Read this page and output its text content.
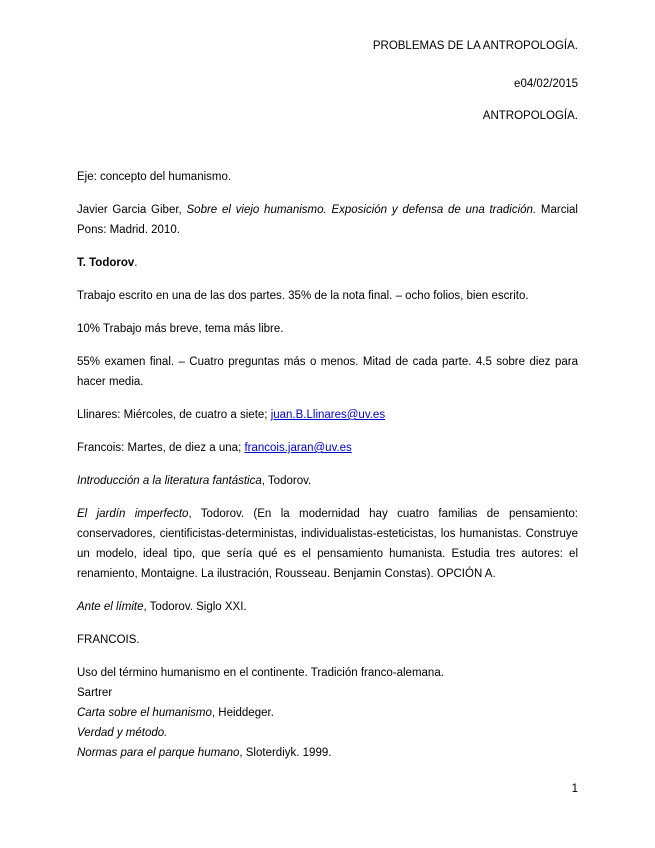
PROBLEMAS DE LA ANTROPOLOGÍA.
e04/02/2015
ANTROPOLOGÍA.

Eje: concepto del humanismo.

Javier Garcia Giber, Sobre el viejo humanismo. Exposición y defensa de una tradición. Marcial Pons: Madrid. 2010.

T. Todorov.

Trabajo escrito en una de las dos partes. 35% de la nota final. – ocho folios, bien escrito.

10% Trabajo más breve, tema más libre.

55% examen final. – Cuatro preguntas más o menos. Mitad de cada parte. 4.5 sobre diez para hacer media.

Llinares: Miércoles, de cuatro a siete; juan.B.Llinares@uv.es

Francois: Martes, de diez a una; francois.jaran@uv.es

Introducción a la literatura fantástica, Todorov.

El jardín imperfecto, Todorov. (En la modernidad hay cuatro familias de pensamiento: conservadores, cientificistas-deterministas, individualistas-esteticistas, los humanistas. Construye un modelo, ideal tipo, que sería qué es el pensamiento humanista. Estudia tres autores: el renamiento, Montaigne. La ilustración, Rousseau. Benjamin Constas). OPCIÓN A.

Ante el límite, Todorov. Siglo XXI.

FRANCOIS.

Uso del término humanismo en el continente. Tradición franco-alemana.

Sartrer

Carta sobre el humanismo, Heiddeger.

Verdad y método.

Normas para el parque humano, Sloterdiyk. 1999.

1
